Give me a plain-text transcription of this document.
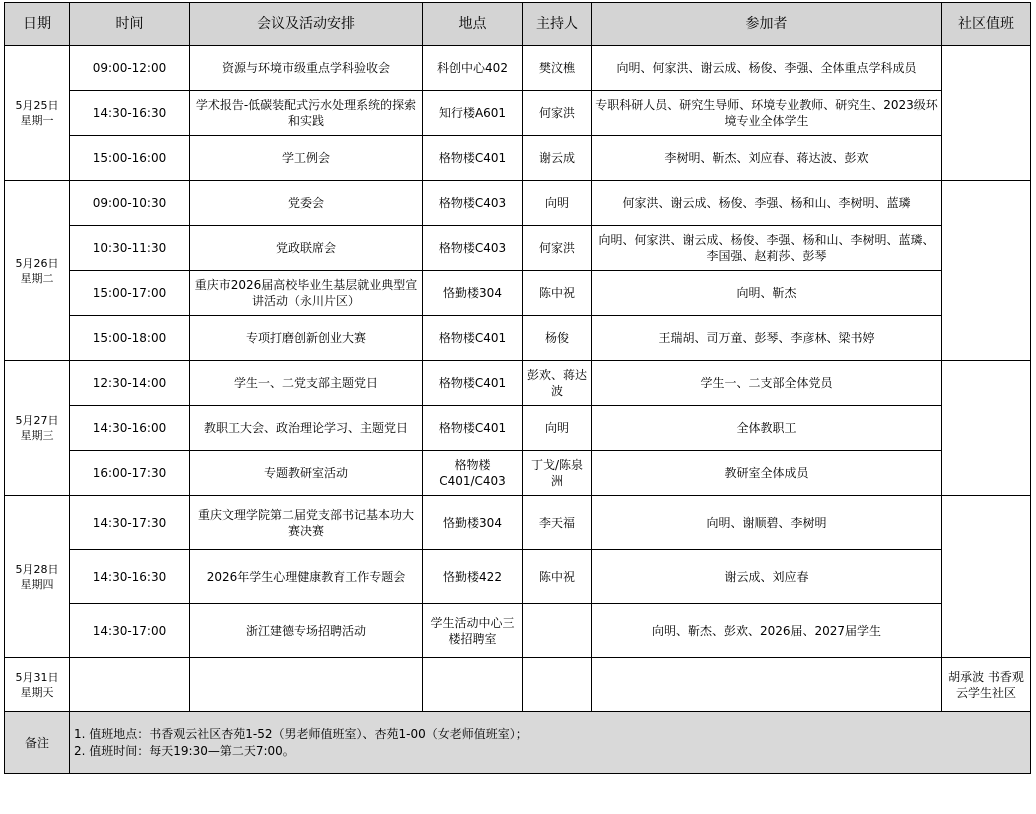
日期	时间	会议及活动安排	地点	主持人	参加者	社区值班

5月25日
星期一	09:00-12:00	资源与环境市级重点学科验收会	科创中心402	樊汶樵	向明、何家洪、谢云成、杨俊、李强、全体重点学科成员	
	14:30-16:30	学术报告-低碳装配式污水处理系统的探索和实践	知行楼A601	何家洪	专职科研人员、研究生导师、环境专业教师、研究生、2023级环境专业全体学生	
	15:00-16:00	学工例会	格物楼C401	谢云成	李树明、靳杰、刘应春、蒋达波、彭欢	

5月26日
星期二	09:00-10:30	党委会	格物楼C403	向明	何家洪、谢云成、杨俊、李强、杨和山、李树明、蓝璘	
	10:30-11:30	党政联席会	格物楼C403	何家洪	向明、何家洪、谢云成、杨俊、李强、杨和山、李树明、蓝璘、李国强、赵莉莎、彭琴	
	15:00-17:00	重庆市2026届高校毕业生基层就业典型宣讲活动（永川片区）	恪勤楼304	陈中祝	向明、靳杰	
	15:00-18:00	专项打磨创新创业大赛	格物楼C401	杨俊	王瑞胡、司万童、彭琴、李彦林、梁书婷	

5月27日
星期三	12:30-14:00	学生一、二党支部主题党日	格物楼C401	彭欢、蒋达波	学生一、二支部全体党员	
	14:30-16:00	教职工大会、政治理论学习、主题党日	格物楼C401	向明	全体教职工	
	16:00-17:30	专题教研室活动	格物楼C401/C403	丁戈/陈泉洲	教研室全体成员	

5月28日
星期四	14:30-17:30	重庆文理学院第二届党支部书记基本功大赛决赛	恪勤楼304	李天福	向明、谢顺碧、李树明	
	14:30-16:30	2026年学生心理健康教育工作专题会	恪勤楼422	陈中祝	谢云成、刘应春	
	14:30-17:00	浙江建德专场招聘活动	学生活动中心三楼招聘室		向明、靳杰、彭欢、2026届、2027届学生	

5月31日
星期天						胡承波 书香观云学生社区
备注	1. 值班地点：书香观云社区杏苑1-52（男老师值班室）、杏苑1-00（女老师值班室）；
2. 值班时间：每天19:30—第二天7:00。					
